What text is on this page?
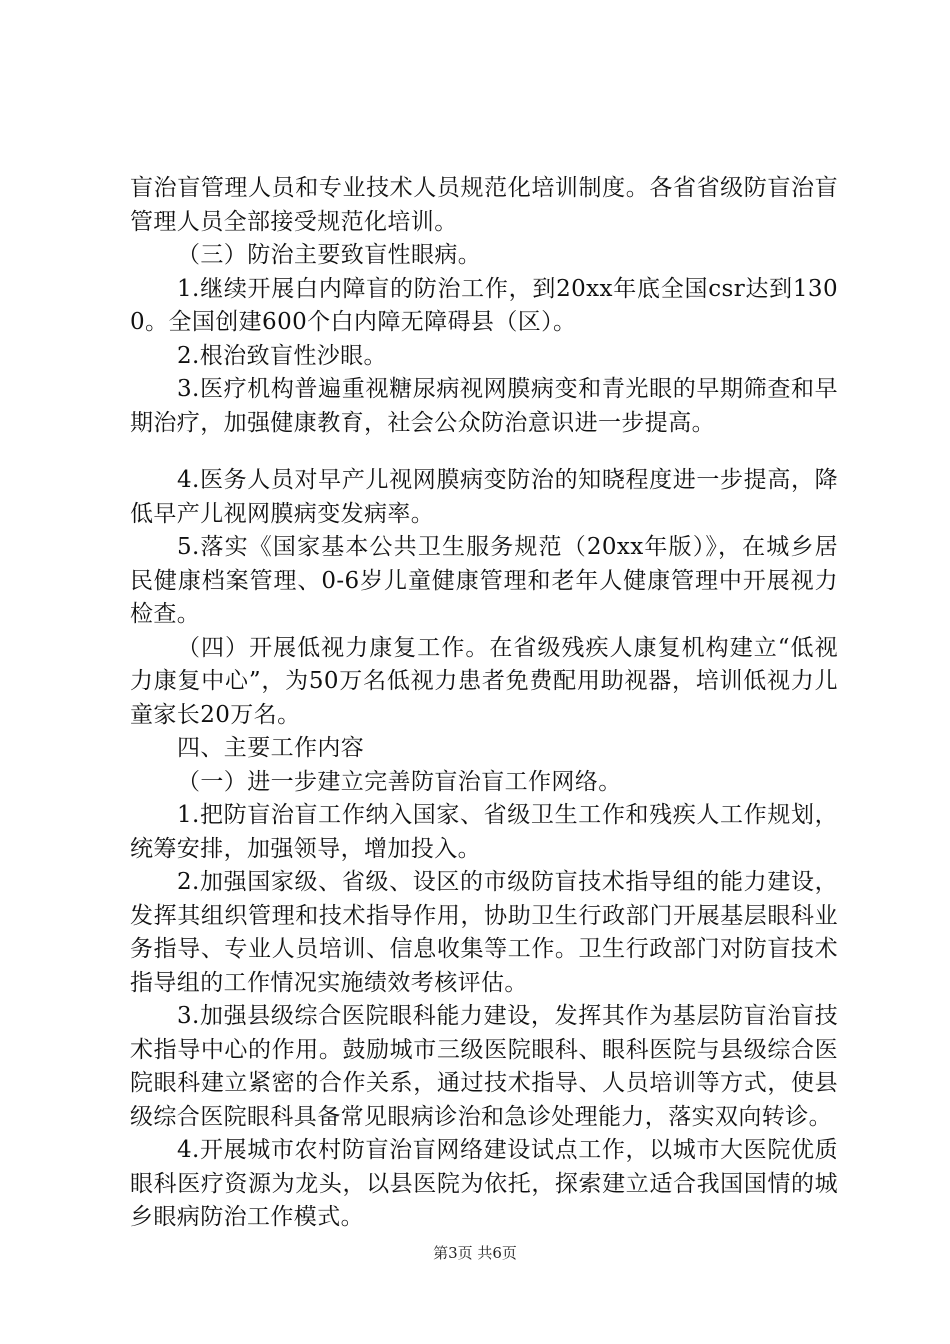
盲治盲管理人员和专业技术人员规范化培训制度。各省省级防盲治盲管理人员全部接受规范化培训。

（三）防治主要致盲性眼病。

1.继续开展白内障盲的防治工作，到20xx年底全国csr达到1300。全国创建600个白内障无障碍县（区）。

2.根治致盲性沙眼。

3.医疗机构普遍重视糖尿病视网膜病变和青光眼的早期筛查和早期治疗，加强健康教育，社会公众防治意识进一步提高。

4.医务人员对早产儿视网膜病变防治的知晓程度进一步提高，降低早产儿视网膜病变发病率。

5.落实《国家基本公共卫生服务规范（20xx年版）》，在城乡居民健康档案管理、0-6岁儿童健康管理和老年人健康管理中开展视力检查。

（四）开展低视力康复工作。在省级残疾人康复机构建立“低视力康复中心”，为50万名低视力患者免费配用助视器，培训低视力儿童家长20万名。

四、主要工作内容

（一）进一步建立完善防盲治盲工作网络。

1.把防盲治盲工作纳入国家、省级卫生工作和残疾人工作规划，统筹安排，加强领导，增加投入。

2.加强国家级、省级、设区的市级防盲技术指导组的能力建设，发挥其组织管理和技术指导作用，协助卫生行政部门开展基层眼科业务指导、专业人员培训、信息收集等工作。卫生行政部门对防盲技术指导组的工作情况实施绩效考核评估。

3.加强县级综合医院眼科能力建设，发挥其作为基层防盲治盲技术指导中心的作用。鼓励城市三级医院眼科、眼科医院与县级综合医院眼科建立紧密的合作关系，通过技术指导、人员培训等方式，使县级综合医院眼科具备常见眼病诊治和急诊处理能力，落实双向转诊。

4.开展城市农村防盲治盲网络建设试点工作，以城市大医院优质眼科医疗资源为龙头，以县医院为依托，探索建立适合我国国情的城乡眼病防治工作模式。

第3页 共6页
